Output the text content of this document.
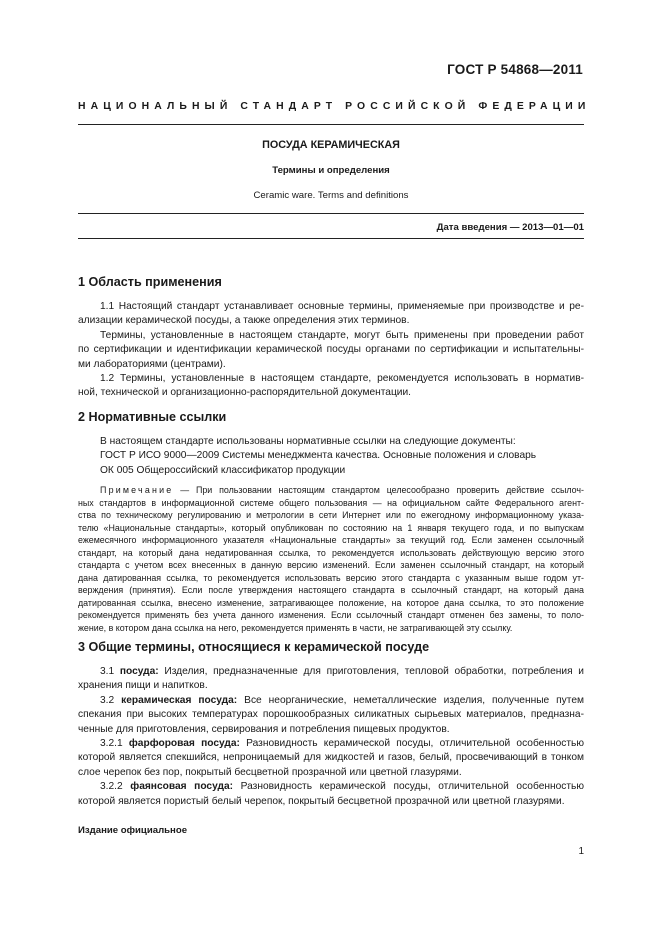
ГОСТ Р 54868—2011
НАЦИОНАЛЬНЫЙ СТАНДАРТ РОССИЙСКОЙ ФЕДЕРАЦИИ
ПОСУДА КЕРАМИЧЕСКАЯ
Термины и определения
Ceramic ware. Terms and definitions
Дата введения — 2013—01—01
1 Область применения
1.1 Настоящий стандарт устанавливает основные термины, применяемые при производстве и ре-
ализации керамической посуды, а также определения этих терминов.
Термины, установленные в настоящем стандарте, могут быть применены при проведении работ
по сертификации и идентификации керамической посуды органами по сертификации и испытательны-
ми лабораториями (центрами).
1.2 Термины, установленные в настоящем стандарте, рекомендуется использовать в норматив-
ной, технической и организационно-распорядительной документации.
2 Нормативные ссылки
В настоящем стандарте использованы нормативные ссылки на следующие документы:
ГОСТ Р ИСО 9000—2009 Системы менеджмента качества. Основные положения и словарь
ОК 005 Общероссийский классификатор продукции
Примечание — При пользовании настоящим стандартом целесообразно проверить действие ссылоч-
ных стандартов в информационной системе общего пользования — на официальном сайте Федерального агент-
ства по техническому регулированию и метрологии в сети Интернет или по ежегодному информационному указа-
телю «Национальные стандарты», который опубликован по состоянию на 1 января текущего года, и по выпускам
ежемесячного информационного указателя «Национальные стандарты» за текущий год. Если заменен ссылочный
стандарт, на который дана недатированная ссылка, то рекомендуется использовать действующую версию этого
стандарта с учетом всех внесенных в данную версию изменений. Если заменен ссылочный стандарт, на который
дана датированная ссылка, то рекомендуется использовать версию этого стандарта с указанным выше годом ут-
верждения (принятия). Если после утверждения настоящего стандарта в ссылочный стандарт, на который дана
датированная ссылка, внесено изменение, затрагивающее положение, на которое дана ссылка, то это положение
рекомендуется применять без учета данного изменения. Если ссылочный стандарт отменен без замены, то поло-
жение, в котором дана ссылка на него, рекомендуется применять в части, не затрагивающей эту ссылку.
3 Общие термины, относящиеся к керамической посуде
3.1 посуда: Изделия, предназначенные для приготовления, тепловой обработки, потребления и
хранения пищи и напитков.
3.2 керамическая посуда: Все неорганические, неметаллические изделия, полученные путем
спекания при высоких температурах порошкообразных силикатных сырьевых материалов, предназна-
ченные для приготовления, сервирования и потребления пищевых продуктов.
3.2.1 фарфоровая посуда: Разновидность керамической посуды, отличительной особенностью
которой является спекшийся, непроницаемый для жидкостей и газов, белый, просвечивающий в тонком
слое черепок без пор, покрытый бесцветной прозрачной или цветной глазурями.
3.2.2 фаянсовая посуда: Разновидность керамической посуды, отличительной особенностью
которой является пористый белый черепок, покрытый бесцветной прозрачной или цветной глазурями.
Издание официальное
1
